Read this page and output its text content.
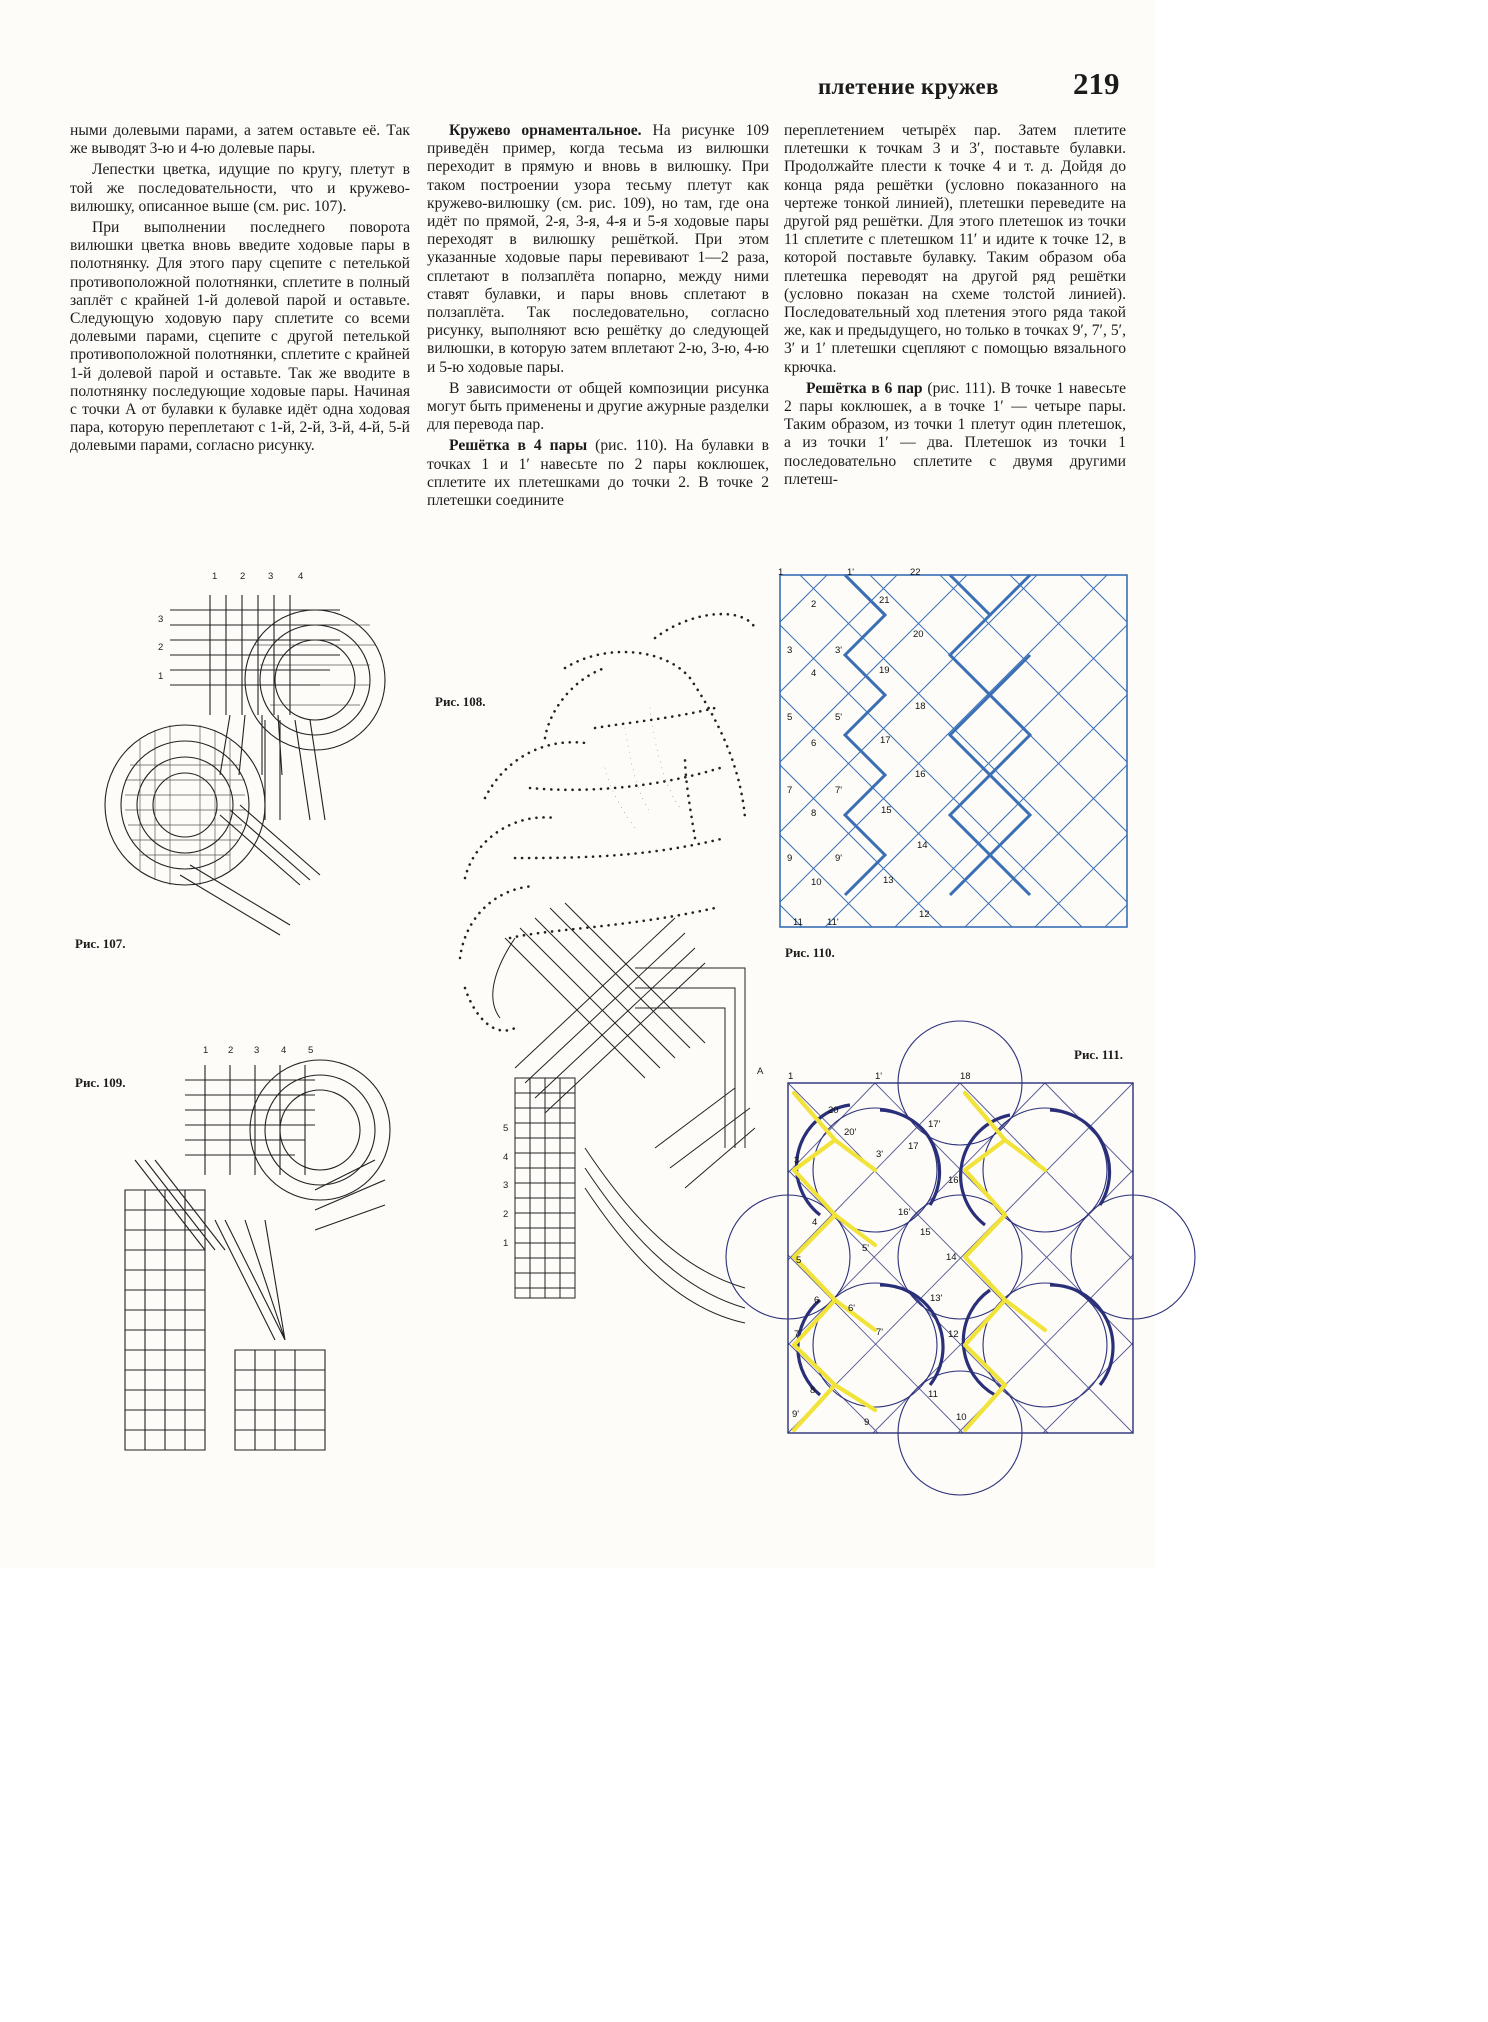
плетение кружев 219

ными долевыми парами, а затем оставьте её. Так же выводят 3-ю и 4-ю долевые пары.

Лепестки цветка, идущие по кругу, плетут в той же последовательности, что и кружево-вилюшку, описанное выше (см. рис. 107).

При выполнении последнего поворота вилюшки цветка вновь введите ходовые пары в полотнянку. Для этого пару сцепите с петелькой противоположной полотнянки, сплетите в полный заплёт с крайней 1-й долевой парой и оставьте. Следующую ходовую пару сплетите со всеми долевыми парами, сцепите с другой петелькой противоположной полотнянки, сплетите с крайней 1-й долевой парой и оставьте. Так же вводите в полотнянку последующие ходовые пары. Начиная с точки А от булавки к булавке идёт одна ходовая пара, которую переплетают с 1-й, 2-й, 3-й, 4-й, 5-й долевыми парами, согласно рисунку.

Кружево орнаментальное. На рисунке 109 приведён пример, когда тесьма из вилюшки переходит в прямую и вновь в вилюшку. При таком построении узора тесьму плетут как кружево-вилюшку (см. рис. 109), но там, где она идёт по прямой, 2-я, 3-я, 4-я и 5-я ходовые пары переходят в вилюшку решёткой. При этом указанные ходовые пары перевивают 1—2 раза, сплетают в ползаплёта попарно, между ними ставят булавки, и пары вновь сплетают в ползаплёта. Так последовательно, согласно рисунку, выполняют всю решётку до следующей вилюшки, в которую затем вплетают 2-ю, 3-ю, 4-ю и 5-ю ходовые пары.

В зависимости от общей композиции рисунка могут быть применены и другие ажурные разделки для перевода пар.

Решётка в 4 пары (рис. 110). На булавки в точках 1 и 1′ навесьте по 2 пары коклюшек, сплетите их плетешками до точки 2. В точке 2 плетешки соедините

переплетением четырёх пар. Затем плетите плетешки к точкам 3 и 3′, поставьте булавки. Продолжайте плести к точке 4 и т. д. Дойдя до конца ряда решётки (условно показанного на чертеже тонкой линией), плетешки переведите на другой ряд решётки. Для этого плетешок из точки 11 сплетите с плетешком 11′ и идите к точке 12, в которой поставьте булавку. Таким образом оба плетешка переводят на другой ряд решётки (условно показан на схеме толстой линией). Последовательный ход плетения этого ряда такой же, как и предыдущего, но только в точках 9′, 7′, 5′, 3′ и 1′ плетешки сцепляют с помощью вязального крючка.

Решётка в 6 пар (рис. 111). В точке 1 навесьте 2 пары коклюшек, а в точке 1′ — четыре пары. Таким образом, из точки 1 плетут один плетешок, а из точки 1′ — два. Плетешок из точки 1 последовательно сплетите с двумя другими плетеш-

1 2 3	4
3
2
1
Рис. 107.
Рис. 108.
A
5
4
3
2
1
Рис. 109.
1 2 3 4 5
1	1'	22
2
3	3'
4
5	5'
6
7	7'
8
9	9'
10
11	11'
21
20
19
18
17
16
15
14
13
12
Рис. 110.
Рис. 111.
1	1'	18
20
20'
3
3'
17
17'
16
16'
4
15
5
5'
14
6
6'
13'
7	7'	12
8
9
11
9'	10
